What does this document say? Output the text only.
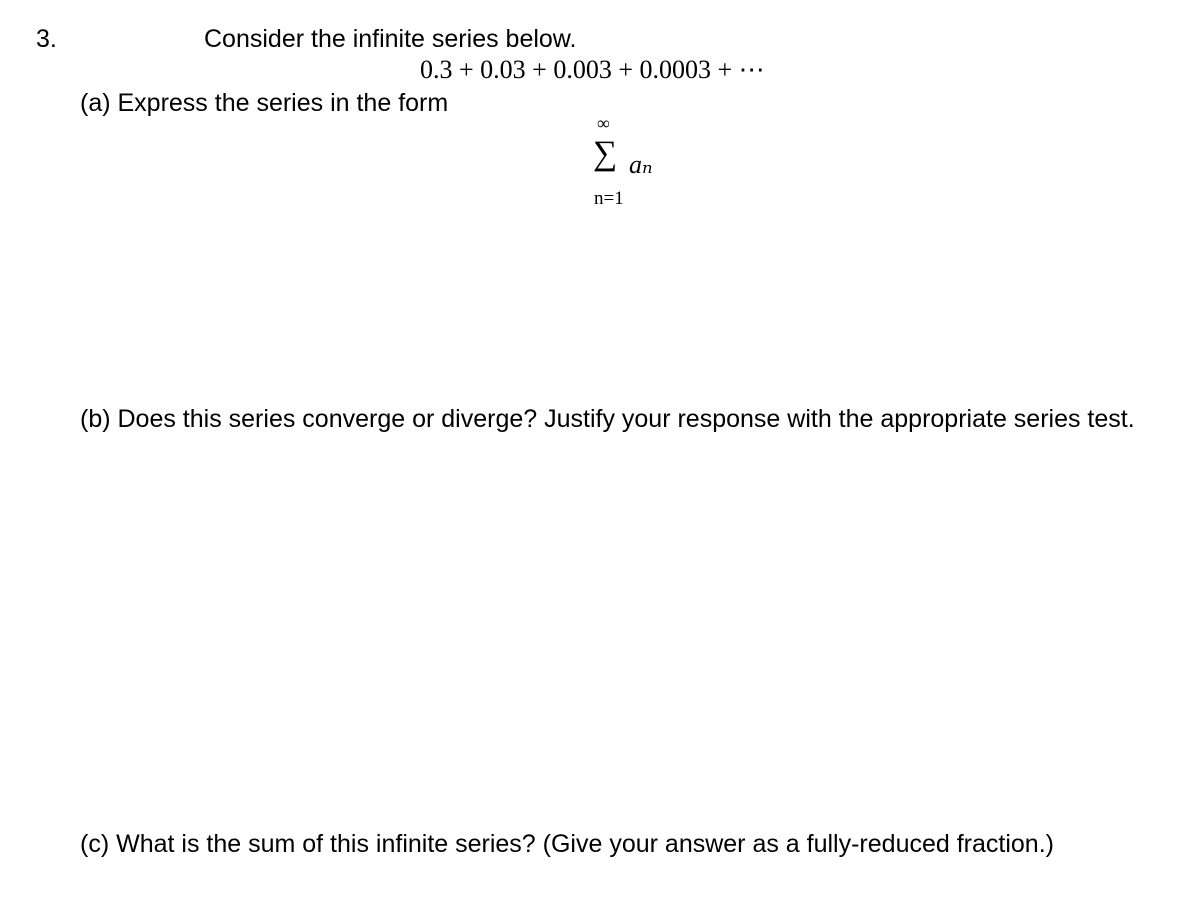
3.	Consider the infinite series below.
0.3 + 0.03 + 0.003 + 0.0003 + ⋯
(a) Express the series in the form
∞
∑ aₙ
n=1
(b) Does this series converge or diverge? Justify your response with the appropriate series test.
(c) What is the sum of this infinite series? (Give your answer as a fully-reduced fraction.)
